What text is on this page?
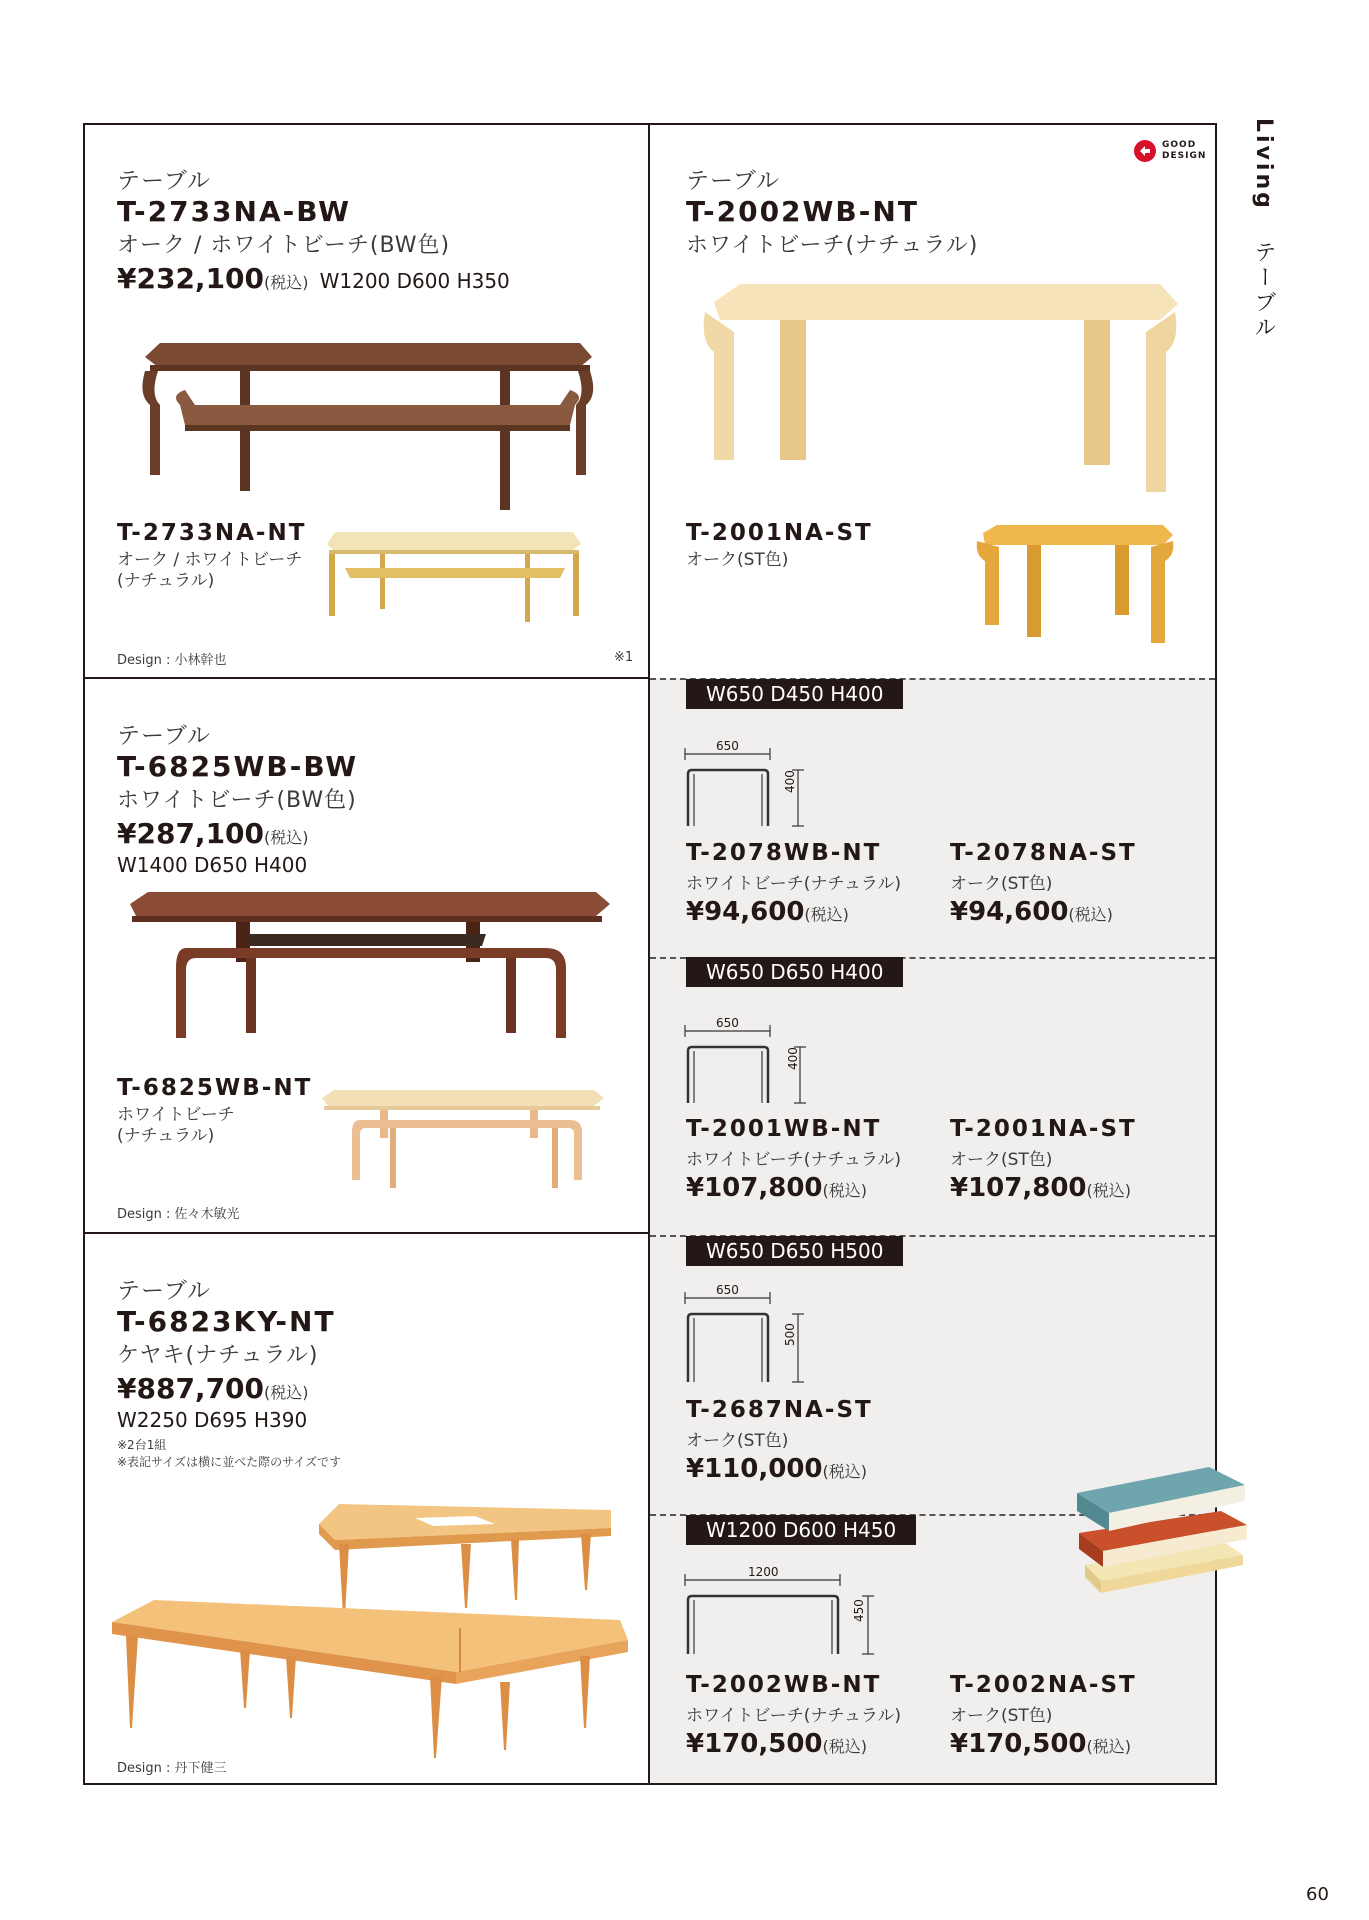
Living  テーブル
テーブル
T-2733NA-BW
オーク / ホワイトビーチ(BW色)
¥232,100(税込) W1200 D600 H350
T-2733NA-NT
オーク / ホワイトビーチ
(ナチュラル)
Design : 小林幹也	※1
GOOD
DESIGN
テーブル
T-2002WB-NT
ホワイトビーチ(ナチュラル)
T-2001NA-ST
オーク(ST色)
テーブル
T-6825WB-BW
ホワイトビーチ(BW色)
¥287,100(税込)
W1400 D650 H400
T-6825WB-NT
ホワイトビーチ
(ナチュラル)
Design : 佐々木敏光
テーブル
T-6823KY-NT
ケヤキ(ナチュラル)
¥887,700(税込)
W2250 D695 H390
※2台1組
※表記サイズは横に並べた際のサイズです
Design : 丹下健三
W650 D450 H400
650
400
T-2078WB-NT
ホワイトビーチ(ナチュラル)
¥94,600(税込)
T-2078NA-ST
オーク(ST色)
¥94,600(税込)
W650 D650 H400
650
400
T-2001WB-NT
ホワイトビーチ(ナチュラル)
¥107,800(税込)
T-2001NA-ST
オーク(ST色)
¥107,800(税込)
W650 D650 H500
650
500
T-2687NA-ST
オーク(ST色)
¥110,000(税込)
W1200 D600 H450
1200
450
T-2002WB-NT
ホワイトビーチ(ナチュラル)
¥170,500(税込)
T-2002NA-ST
オーク(ST色)
¥170,500(税込)
60
